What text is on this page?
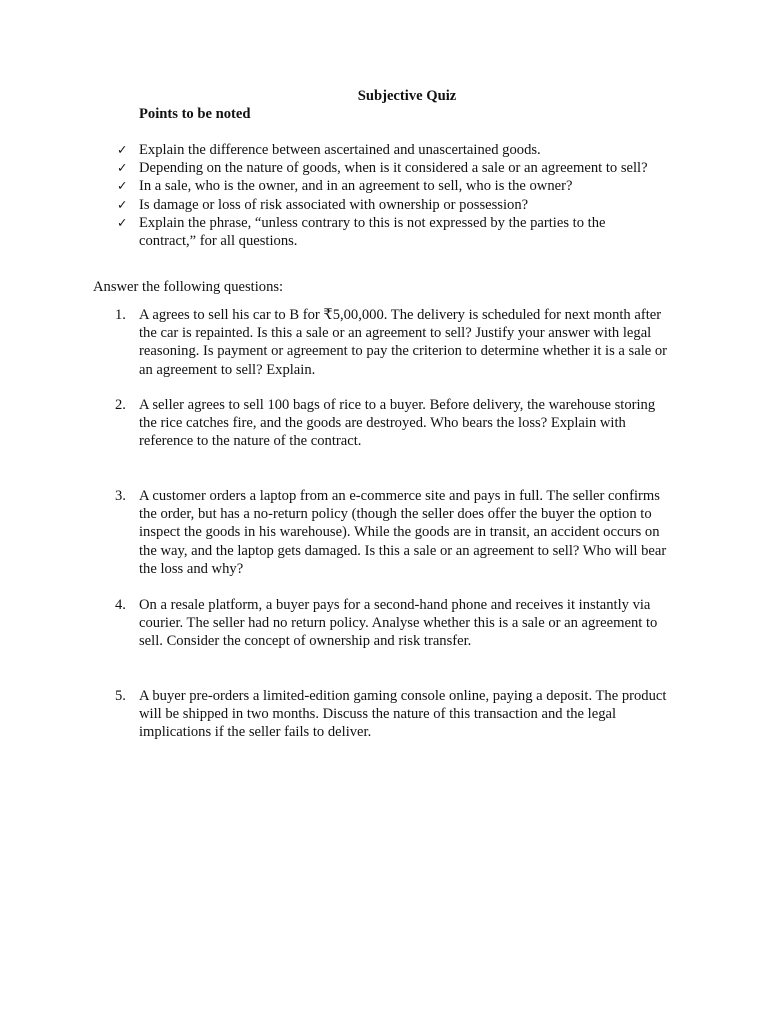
Subjective Quiz

Points to be noted

✓ Explain the difference between ascertained and unascertained goods.
✓ Depending on the nature of goods, when is it considered a sale or an agreement to sell?
✓ In a sale, who is the owner, and in an agreement to sell, who is the owner?
✓ Is damage or loss of risk associated with ownership or possession?
✓ Explain the phrase, “unless contrary to this is not expressed by the parties to the contract,” for all questions.

Answer the following questions:

1. A agrees to sell his car to B for ₹5,00,000. The delivery is scheduled for next month after the car is repainted. Is this a sale or an agreement to sell? Justify your answer with legal reasoning. Is payment or agreement to pay the criterion to determine whether it is a sale or an agreement to sell? Explain.
2. A seller agrees to sell 100 bags of rice to a buyer. Before delivery, the warehouse storing the rice catches fire, and the goods are destroyed. Who bears the loss? Explain with reference to the nature of the contract.
3. A customer orders a laptop from an e-commerce site and pays in full. The seller confirms the order, but has a no-return policy (though the seller does offer the buyer the option to inspect the goods in his warehouse). While the goods are in transit, an accident occurs on the way, and the laptop gets damaged. Is this a sale or an agreement to sell? Who will bear the loss and why?
4. On a resale platform, a buyer pays for a second-hand phone and receives it instantly via courier. The seller had no return policy. Analyse whether this is a sale or an agreement to sell. Consider the concept of ownership and risk transfer.
5. A buyer pre-orders a limited-edition gaming console online, paying a deposit. The product will be shipped in two months. Discuss the nature of this transaction and the legal implications if the seller fails to deliver.
